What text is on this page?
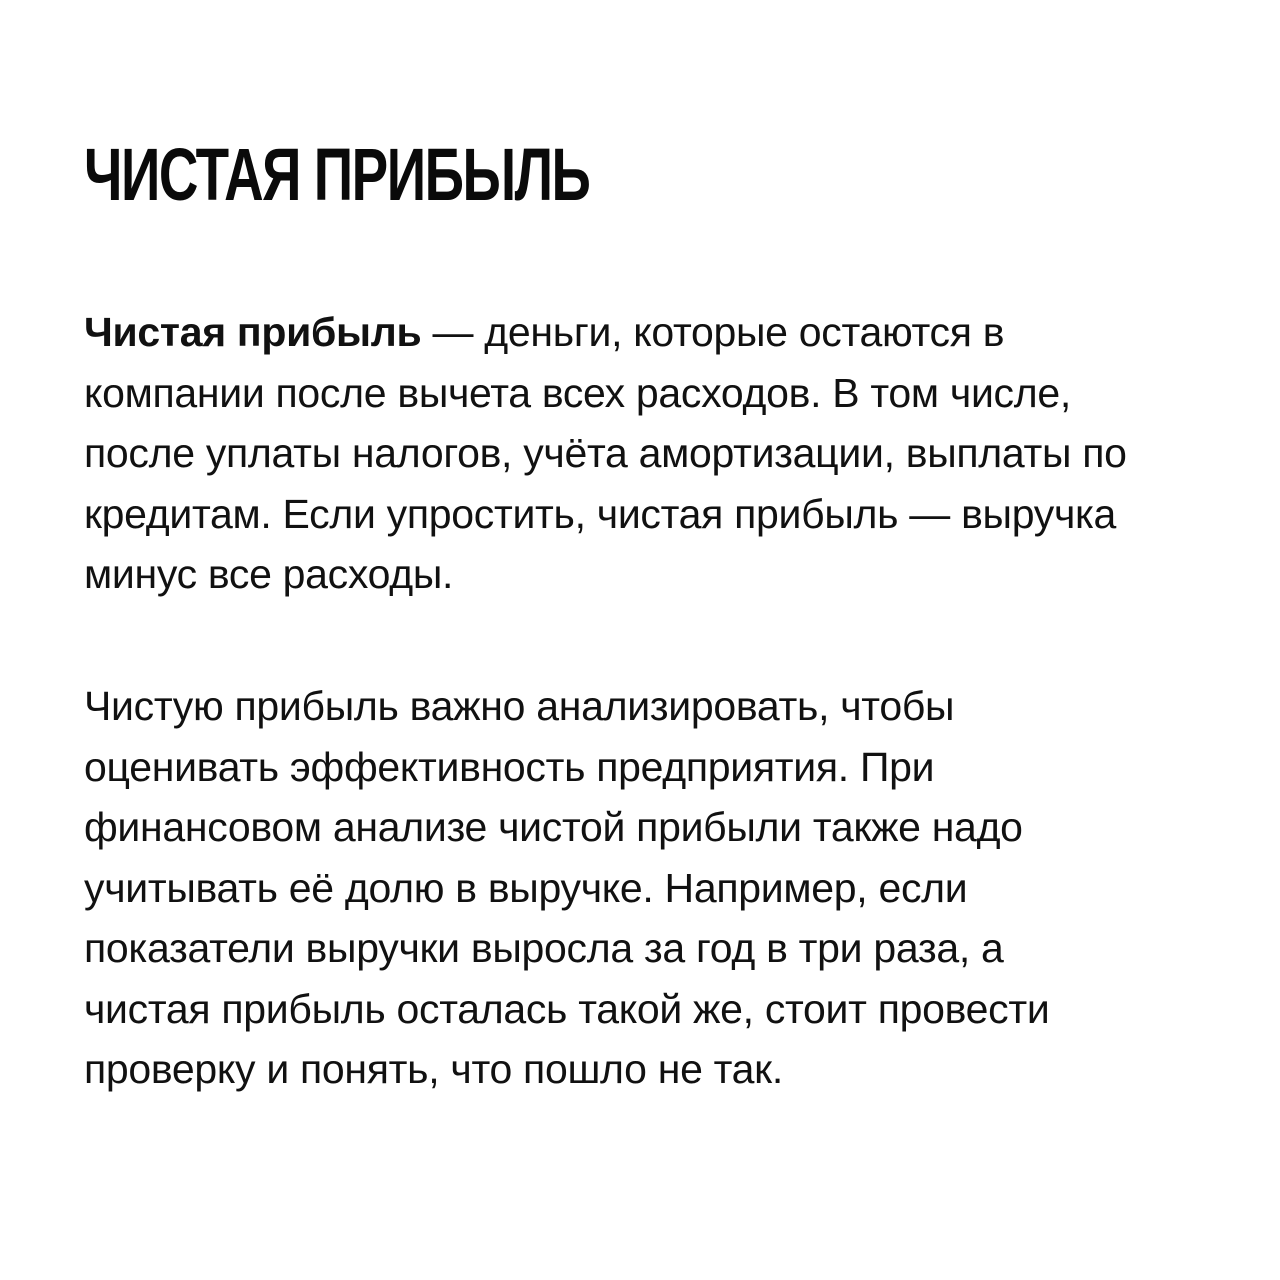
ЧИСТАЯ ПРИБЫЛЬ

Чистая прибыль — деньги, которые остаются в
компании после вычета всех расходов. В том числе,
после уплаты налогов, учёта амортизации, выплаты по
кредитам. Если упростить, чистая прибыль — выручка
минус все расходы.

Чистую прибыль важно анализировать, чтобы
оценивать эффективность предприятия. При
финансовом анализе чистой прибыли также надо
учитывать её долю в выручке. Например, если
показатели выручки выросла за год в три раза, а
чистая прибыль осталась такой же, стоит провести
проверку и понять, что пошло не так.
